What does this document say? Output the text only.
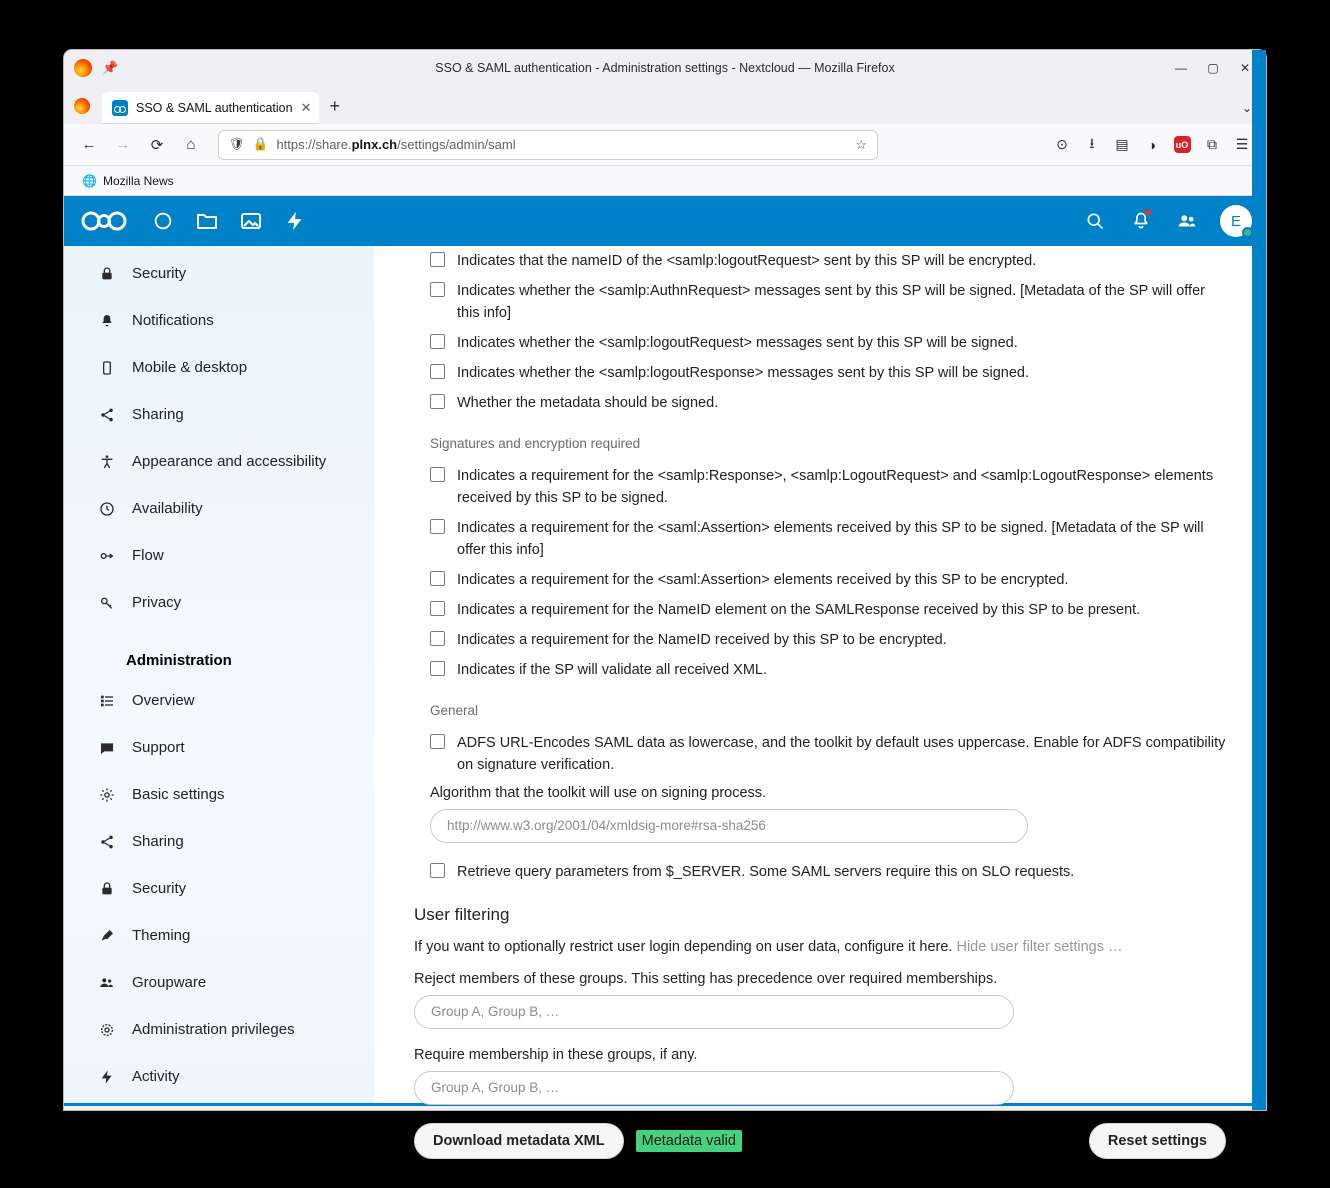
📌	SSO & SAML authentication - Administration settings - Nextcloud — Mozilla Firefox	—	▢	✕
SSO & SAML authentication ✕ +	⌄
←	→	⟳	⌂	🛡 🔒 https://share.plnx.ch/settings/admin/saml	☆	⊙	⭳	▤	◑	uO	⧉	☰
🌐 Mozilla News
E
Security
Notifications
Mobile & desktop
Sharing
Appearance and accessibility
Availability
Flow
Privacy
Administration
Overview
Support
Basic settings
Sharing
Security
Theming
Groupware
Administration privileges
Activity
Indicates that the nameID of the <samlp:logoutRequest> sent by this SP will be encrypted.
Indicates whether the <samlp:AuthnRequest> messages sent by this SP will be signed. [Metadata of the SP will offer this info]
Indicates whether the <samlp:logoutRequest> messages sent by this SP will be signed.
Indicates whether the <samlp:logoutResponse> messages sent by this SP will be signed.
Whether the metadata should be signed.
Signatures and encryption required
Indicates a requirement for the <samlp:Response>, <samlp:LogoutRequest> and <samlp:LogoutResponse> elements received by this SP to be signed.
Indicates a requirement for the <saml:Assertion> elements received by this SP to be signed. [Metadata of the SP will offer this info]
Indicates a requirement for the <saml:Assertion> elements received by this SP to be encrypted.
Indicates a requirement for the NameID element on the SAMLResponse received by this SP to be present.
Indicates a requirement for the NameID received by this SP to be encrypted.
Indicates if the SP will validate all received XML.
General
ADFS URL-Encodes SAML data as lowercase, and the toolkit by default uses uppercase. Enable for ADFS compatibility on signature verification.
Algorithm that the toolkit will use on signing process.
http://www.w3.org/2001/04/xmldsig-more#rsa-sha256
Retrieve query parameters from $_SERVER. Some SAML servers require this on SLO requests.
User filtering
If you want to optionally restrict user login depending on user data, configure it here. Hide user filter settings …
Reject members of these groups. This setting has precedence over required memberships.
Group A, Group B, …
Require membership in these groups, if any.
Group A, Group B, …
Download metadata XML	Metadata valid	Reset settings
